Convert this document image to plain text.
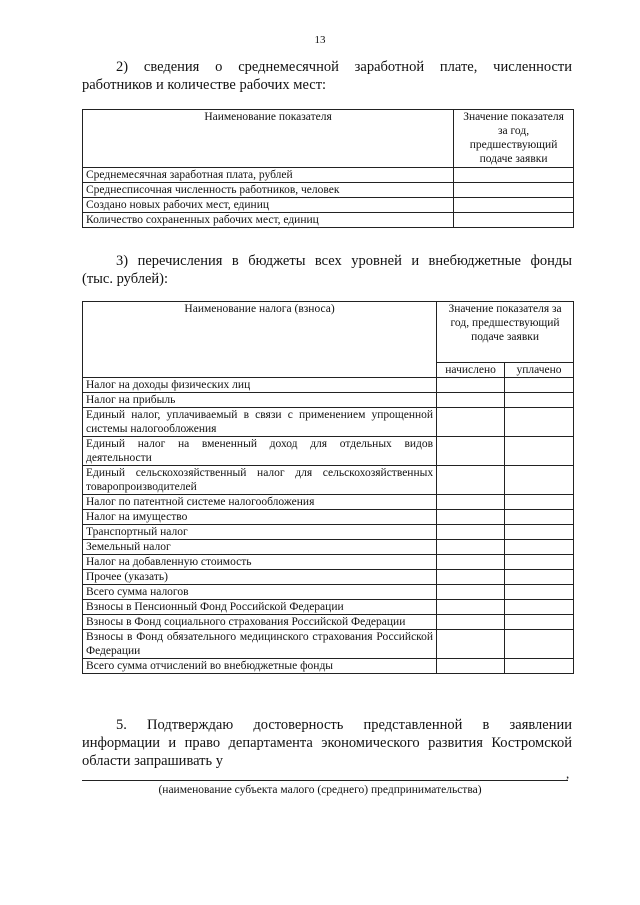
13
2) сведения о среднемесячной заработной плате, численности
работников и количестве рабочих мест:
Наименование показателя	Значение показателя за год, предшествующий подаче заявки
Среднемесячная заработная плата, рублей	
Среднесписочная численность работников, человек	
Создано новых рабочих мест, единиц	
Количество сохраненных рабочих мест, единиц	
3) перечисления в бюджеты всех уровней и внебюджетные фонды
(тыс. рублей):
Наименование налога (взноса)	Значение показателя за год, предшествующий подаче заявки	
	начислено	уплачено
Налог на доходы физических лиц		
Налог на прибыль		
Единый налог, уплачиваемый в связи с применением упрощенной системы налогообложения		
Единый налог на вмененный доход для отдельных видов деятельности		
Единый сельскохозяйственный налог для сельскохозяйственных товаропроизводителей		
Налог по патентной системе налогообложения		
Налог на имущество		
Транспортный налог		
Земельный налог		
Налог на добавленную стоимость		
Прочее (указать)		
Всего сумма налогов		
Взносы в Пенсионный Фонд Российской Федерации		
Взносы в Фонд социального страхования Российской Федерации		
Взносы в Фонд обязательного медицинского страхования Российской Федерации		
Всего сумма отчислений во внебюджетные фонды		
5. Подтверждаю достоверность представленной в заявлении
информации и право департамента экономического развития Костромской
области запрашивать у
,
(наименование субъекта малого (среднего) предпринимательства)
